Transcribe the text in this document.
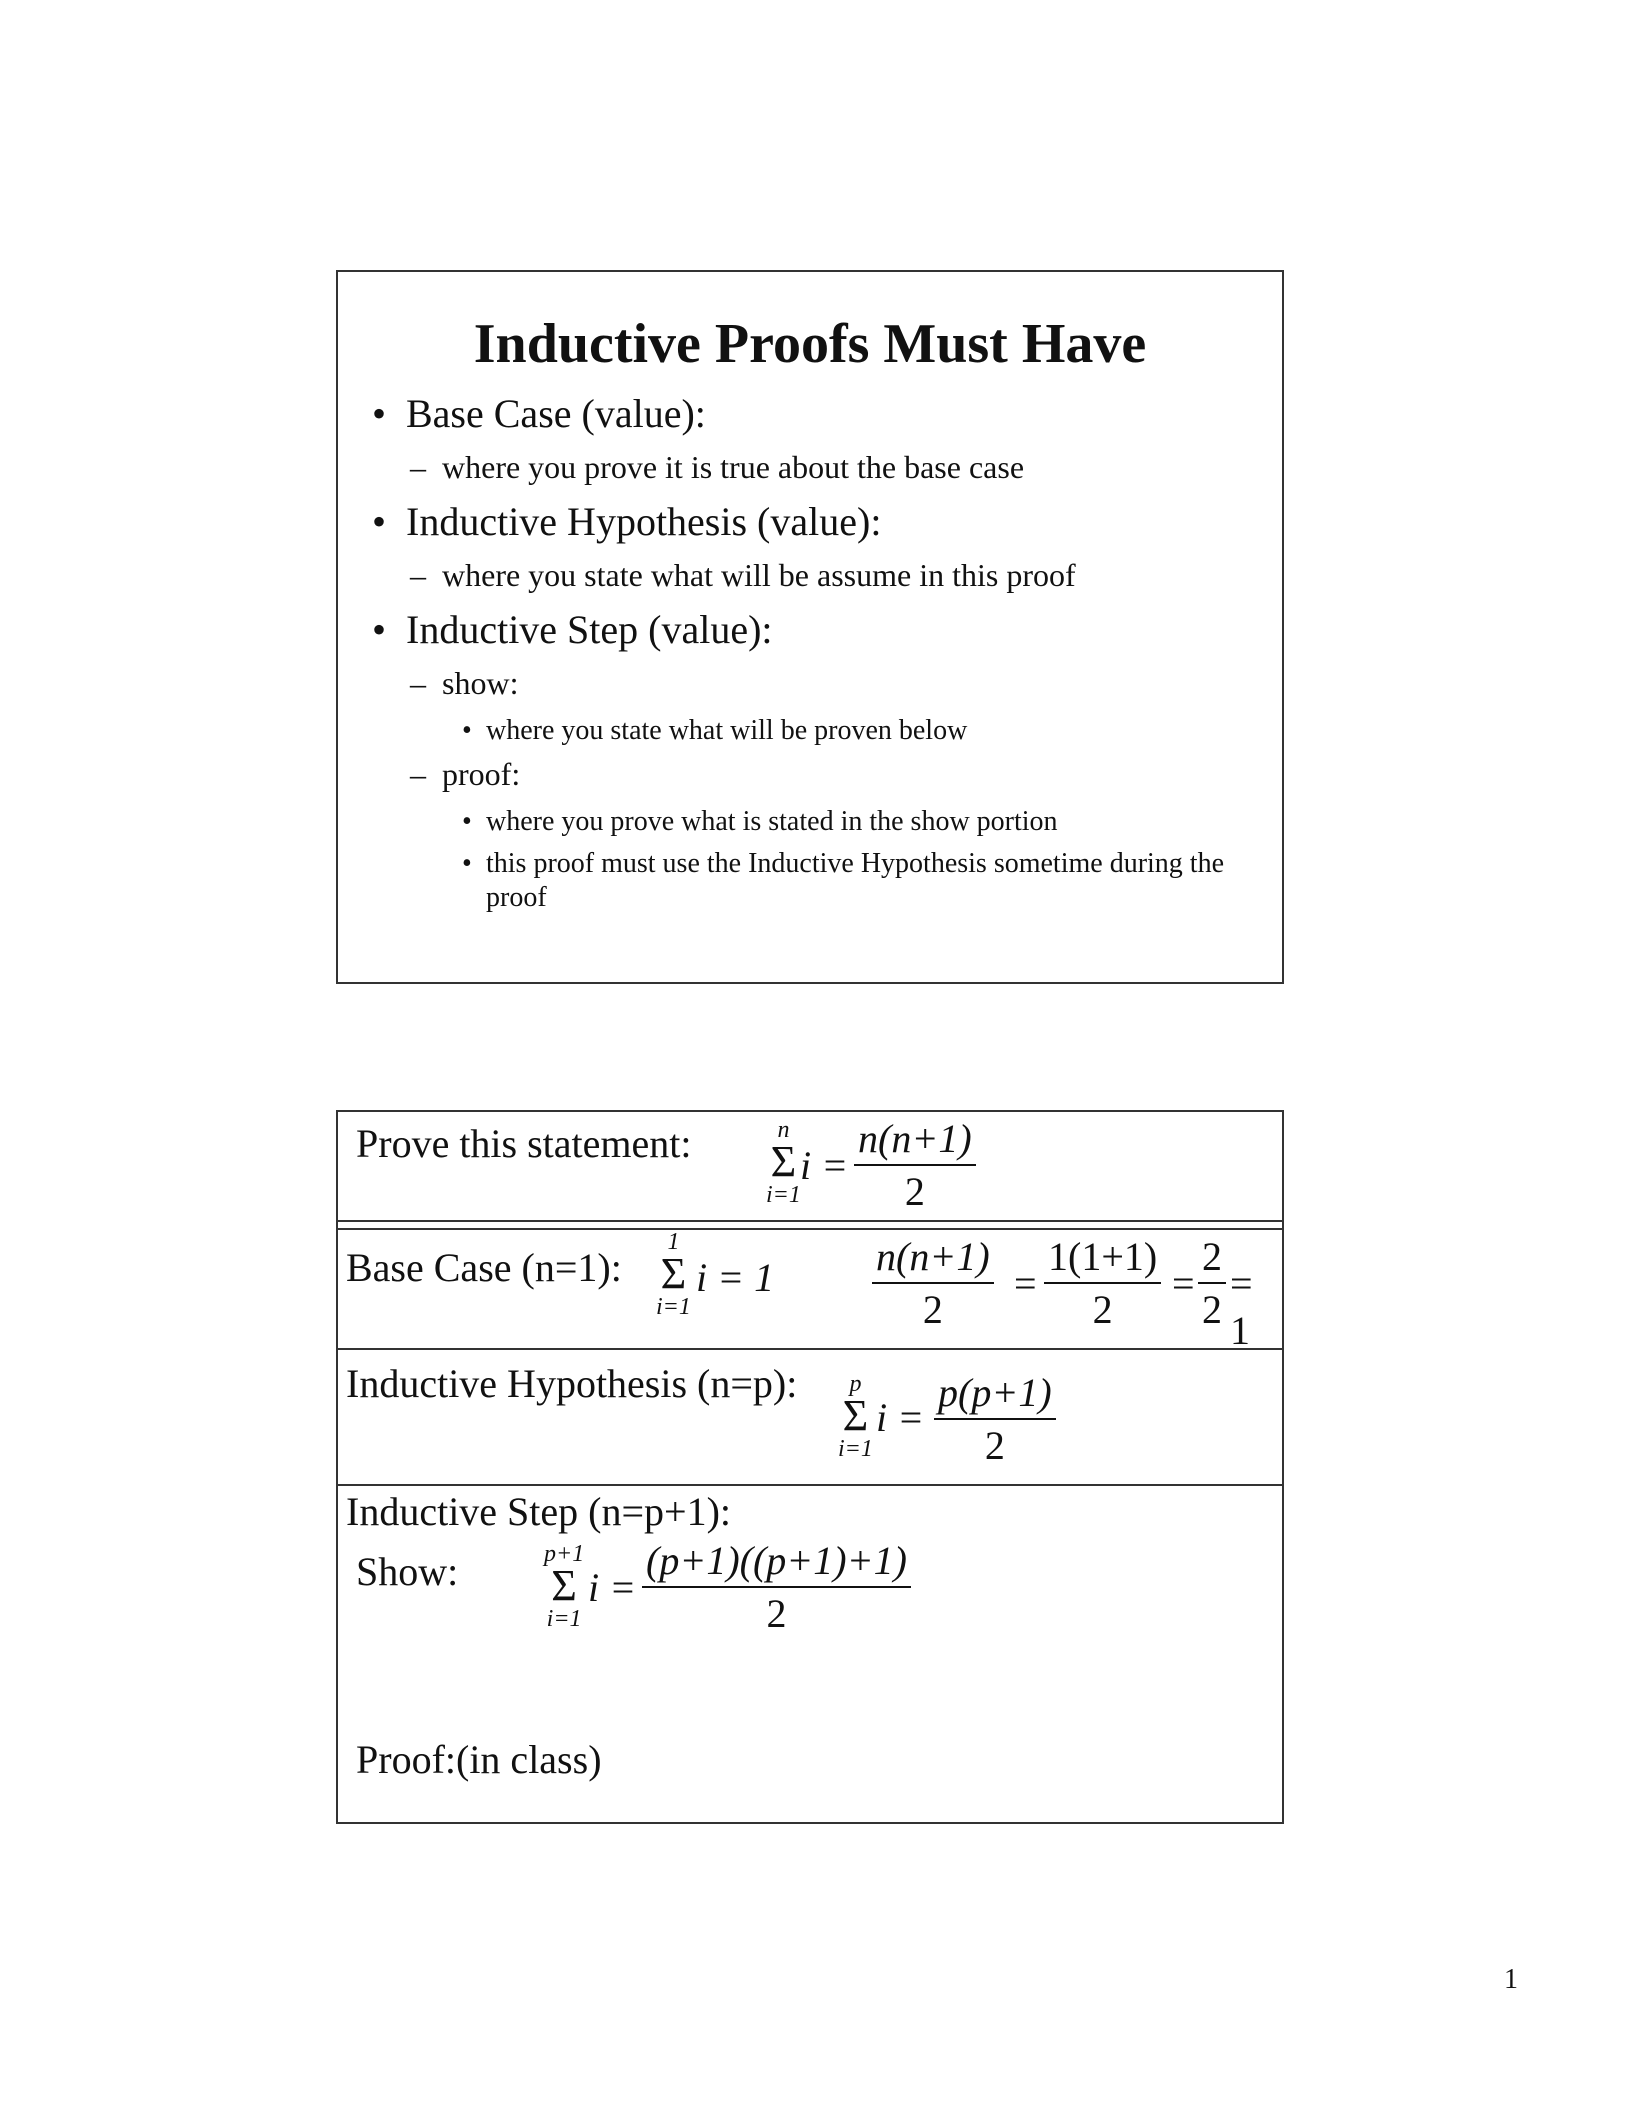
Inductive Proofs Must Have
• Base Case (value):
– where you prove it is true about the base case
• Inductive Hypothesis (value):
– where you state what will be assume in this proof
• Inductive Step (value):
– show:
• where you state what will be proven below
– proof:
• where you prove what is stated in the show portion
• this proof must use the Inductive Hypothesis sometime during the proof
Prove this statement:	n
Σ
i=1
$i = \frac{n(n+1)}{2}$
Base Case (n=1):
1
Σ
i=1
$i = 1 \frac{n(n+1)}{2} = \frac{1(1+1)}{2} = \frac{2}{2} = 1$
Inductive Hypothesis (n=p):	p
Σ
i=1
$i = \frac{p(p+1)}{2}$
Inductive Step (n=p+1):
Show:	p+1
Σ
i=1
$i = \frac{(p+1)((p+1)+1)}{2}$
Proof:(in class)
1
